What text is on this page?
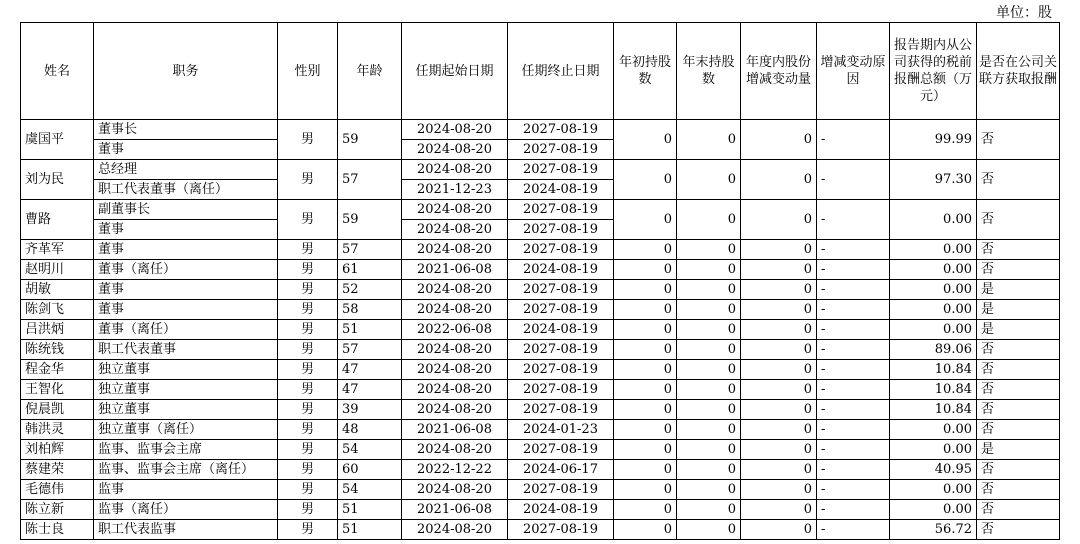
单位：股
姓名	职务	性别	年龄	任期起始日期	任期终止日期	年初持股数	年末持股数	年度内股份增减变动量	增减变动原因	报告期内从公司获得的税前报酬总额（万元）	是否在公司关联方获取报酬
虞国平	董事长	男	59	2024-08-20	2027-08-19	0	0	0	-	99.99	否
	董事			2024-08-20	2027-08-19						
刘为民	总经理	男	57	2024-08-20	2027-08-19	0	0	0	-	97.30	否
	职工代表董事（离任）			2021-12-23	2024-08-19						
曹路	副董事长	男	59	2024-08-20	2027-08-19	0	0	0	-	0.00	否
	董事			2024-08-20	2027-08-19						
齐革军	董事	男	57	2024-08-20	2027-08-19	0	0	0	-	0.00	否
赵明川	董事（离任）	男	61	2021-06-08	2024-08-19	0	0	0	-	0.00	否
胡敏	董事	男	52	2024-08-20	2027-08-19	0	0	0	-	0.00	是
陈剑飞	董事	男	58	2024-08-20	2027-08-19	0	0	0	-	0.00	是
吕洪炳	董事（离任）	男	51	2022-06-08	2024-08-19	0	0	0	-	0.00	是
陈统钱	职工代表董事	男	57	2024-08-20	2027-08-19	0	0	0	-	89.06	否
程金华	独立董事	男	47	2024-08-20	2027-08-19	0	0	0	-	10.84	否
王智化	独立董事	男	47	2024-08-20	2027-08-19	0	0	0	-	10.84	否
倪晨凯	独立董事	男	39	2024-08-20	2027-08-19	0	0	0	-	10.84	否
韩洪灵	独立董事（离任）	男	48	2021-06-08	2024-01-23	0	0	0	-	0.00	否
刘柏辉	监事、监事会主席	男	54	2024-08-20	2027-08-19	0	0	0	-	0.00	是
蔡建荣	监事、监事会主席（离任）	男	60	2022-12-22	2024-06-17	0	0	0	-	40.95	否
毛德伟	监事	男	54	2024-08-20	2027-08-19	0	0	0	-	0.00	否
陈立新	监事（离任）	男	51	2021-06-08	2024-08-19	0	0	0	-	0.00	否
陈士良	职工代表监事	男	51	2024-08-20	2027-08-19	0	0	0	-	56.72	否
